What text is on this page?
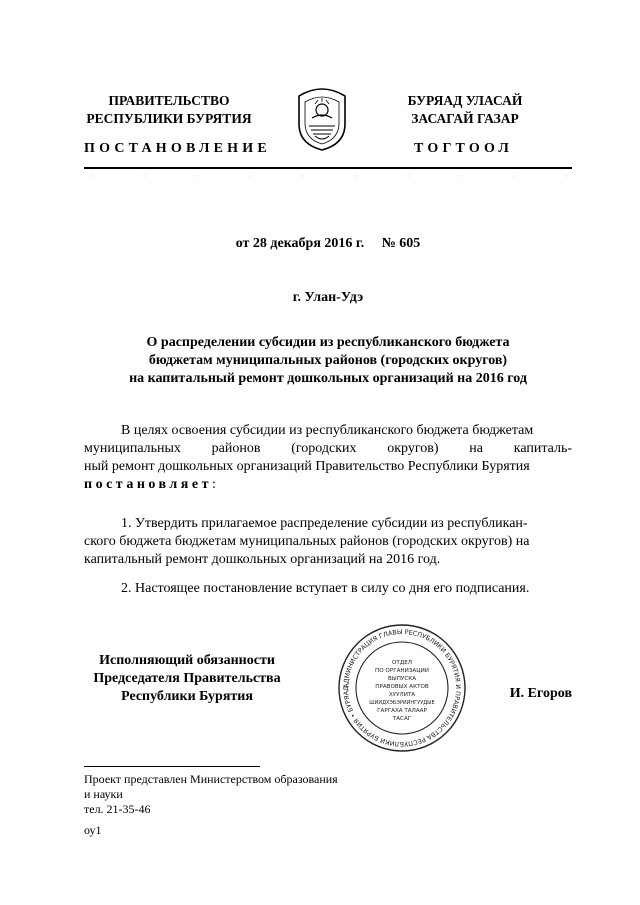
ПРАВИТЕЛЬСТВО
РЕСПУБЛИКИ БУРЯТИЯ
БУРЯАД УЛАСАЙ
ЗАСАГАЙ ГАЗАР
ПОСТАНОВЛЕНИЕ	ТОГТООЛ
·	·	·	·	·	·	·	·	·	·
от 28 декабря 2016 г.     № 605
г. Улан-Удэ
О распределении субсидии из республиканского бюджета
бюджетам муниципальных районов (городских округов)
на капитальный ремонт дошкольных организаций на 2016 год
В целях освоения субсидии из республиканского бюджета бюджетам
муниципальных районов (городских округов) на капиталь-
ный ремонт дошкольных организаций Правительство Республики Бурятия
постановляет:
1. Утвердить прилагаемое распределение субсидии из республикан-
ского бюджета бюджетам муниципальных районов (городских округов) на
капитальный ремонт дошкольных организаций на 2016 год.
2. Настоящее постановление вступает в силу со дня его подписания.
Исполняющий обязанности
Председателя Правительства
Республики Бурятия
АДМИНИСТРАЦИЯ ГЛАВЫ РЕСПУБЛИКИ БУРЯТИЯ И ПРАВИТЕЛЬСТВА РЕСПУБЛИКИ БУРЯТИЯ • БУРЯАД
ОТДЕЛ
ПО ОРГАНИЗАЦИИ
ВЫПУСКА
ПРАВОВЫХ АКТОВ
ХУУЛИТА
ШИИДХЭБЭРИИНГУУДЫЕ
ГАРГАХА ТАЛААР
ТАСАГ
И. Егоров
Проект представлен Министерством образования
и науки
тел. 21-35-46
оу1
